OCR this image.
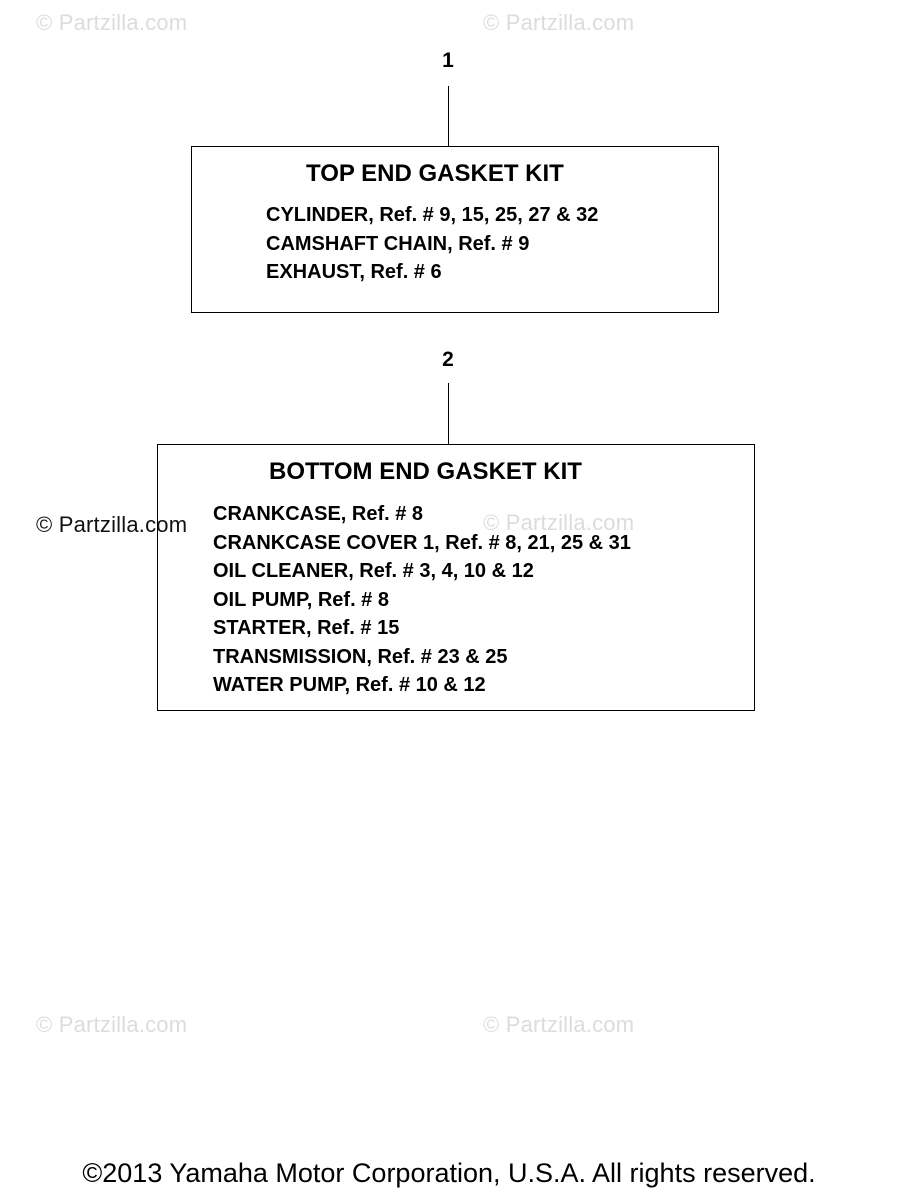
© Partzilla.com	© Partzilla.com
© Partzilla.com	© Partzilla.com
© Partzilla.com	© Partzilla.com
1
TOP END GASKET KIT
CYLINDER, Ref. # 9, 15, 25, 27 & 32
CAMSHAFT CHAIN, Ref. # 9
EXHAUST, Ref. # 6
2
BOTTOM END GASKET KIT
CRANKCASE, Ref. # 8
CRANKCASE COVER 1, Ref. # 8, 21, 25 & 31
OIL CLEANER, Ref. # 3, 4, 10 & 12
OIL PUMP, Ref. # 8
STARTER, Ref. # 15
TRANSMISSION, Ref. # 23 & 25
WATER PUMP, Ref. # 10 & 12
©2013 Yamaha Motor Corporation, U.S.A. All rights reserved.
